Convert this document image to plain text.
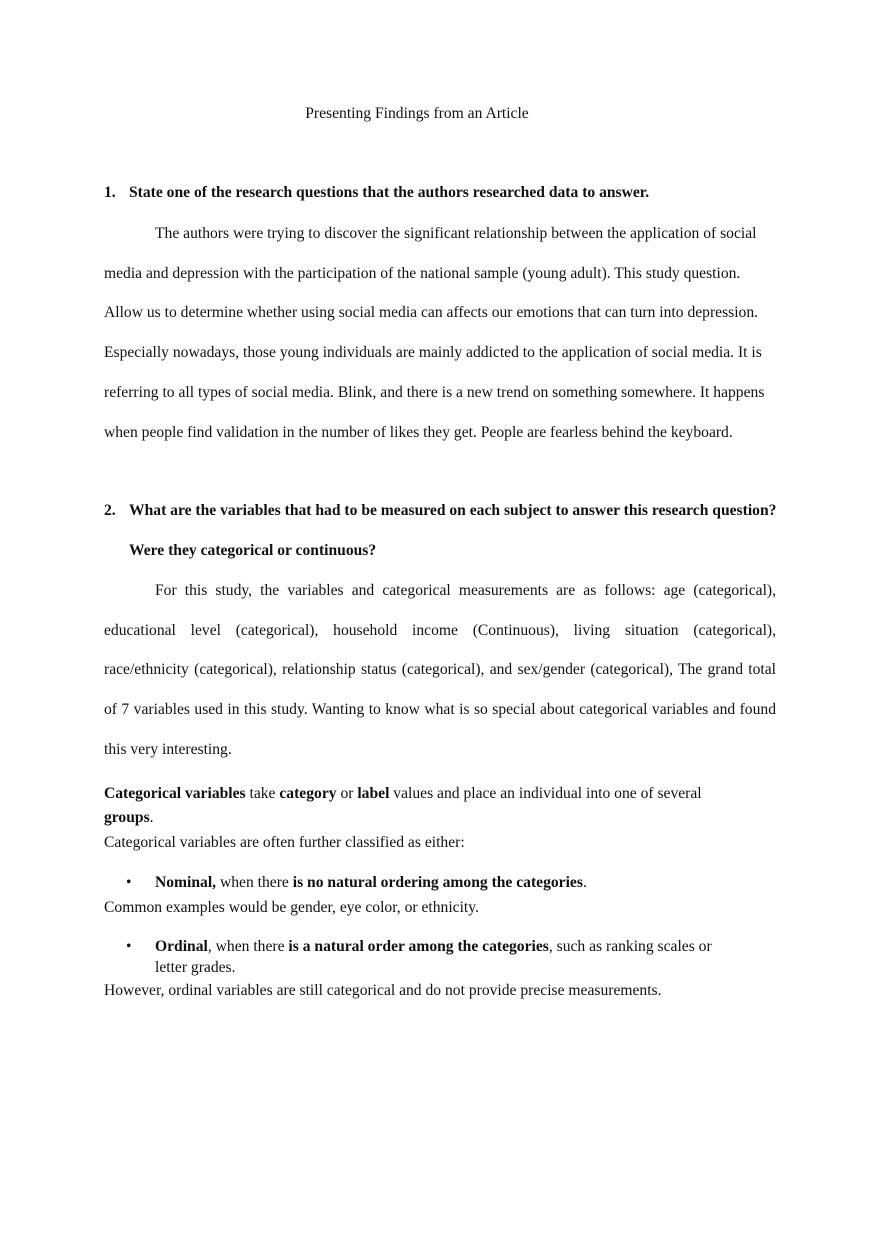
Presenting Findings from an Article
1. State one of the research questions that the authors researched data to answer.
The authors were trying to discover the significant relationship between the application of social media and depression with the participation of the national sample (young adult). This study question. Allow us to determine whether using social media can affects our emotions that can turn into depression. Especially nowadays, those young individuals are mainly addicted to the application of social media. It is referring to all types of social media. Blink, and there is a new trend on something somewhere. It happens when people find validation in the number of likes they get. People are fearless behind the keyboard.
2. What are the variables that had to be measured on each subject to answer this research question? Were they categorical or continuous?
For this study, the variables and categorical measurements are as follows: age (categorical), educational level (categorical), household income (Continuous), living situation (categorical), race/ethnicity (categorical), relationship status (categorical), and sex/gender (categorical), The grand total of 7 variables used in this study. Wanting to know what is so special about categorical variables and found this very interesting.
Categorical variables take category or label values and place an individual into one of several groups.
Categorical variables are often further classified as either:
• Nominal, when there is no natural ordering among the categories.
Common examples would be gender, eye color, or ethnicity.
• Ordinal, when there is a natural order among the categories, such as ranking scales or letter grades.
However, ordinal variables are still categorical and do not provide precise measurements.
